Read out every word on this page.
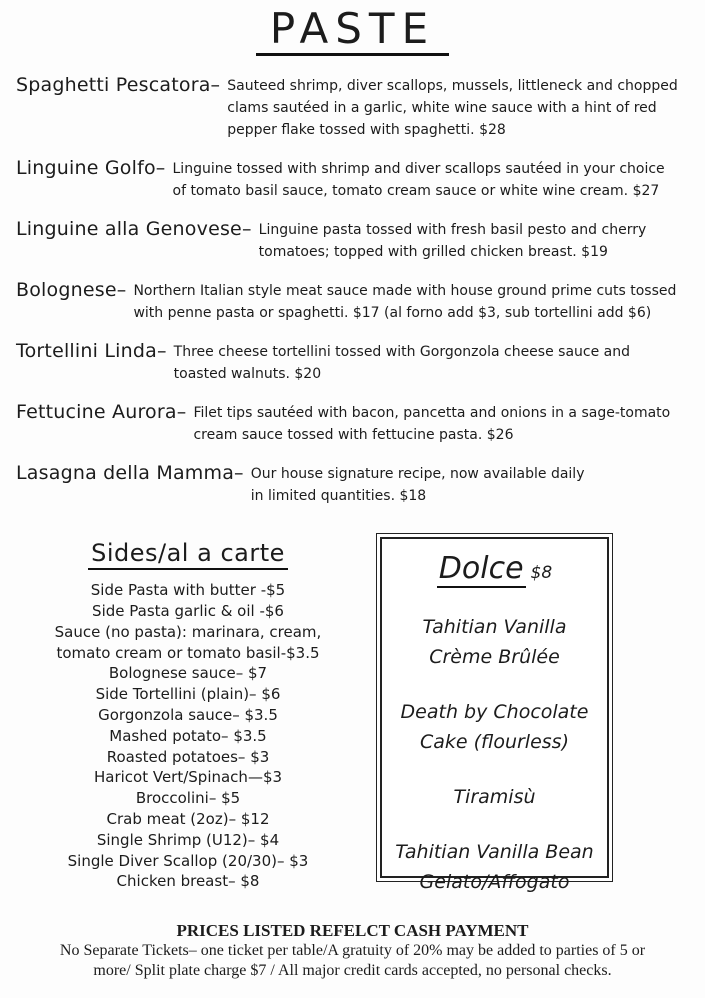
PASTE
Spaghetti Pescatora– Sauteed shrimp, diver scallops, mussels, littleneck and chopped
clams sautéed in a garlic, white wine sauce with a hint of red
pepper flake tossed with spaghetti. $28
Linguine Golfo– Linguine tossed with shrimp and diver scallops sautéed in your choice
of tomato basil sauce, tomato cream sauce or white wine cream. $27
Linguine alla Genovese– Linguine pasta tossed with fresh basil pesto and cherry
tomatoes; topped with grilled chicken breast. $19
Bolognese– Northern Italian style meat sauce made with house ground prime cuts tossed
with penne pasta or spaghetti. $17 (al forno add $3, sub tortellini add $6)
Tortellini Linda– Three cheese tortellini tossed with Gorgonzola cheese sauce and
toasted walnuts. $20
Fettucine Aurora– Filet tips sautéed with bacon, pancetta and onions in a sage-tomato
cream sauce tossed with fettucine pasta. $26
Lasagna della Mamma– Our house signature recipe, now available daily
in limited quantities. $18
Sides/al a carte
Side Pasta with butter -$5
Side Pasta garlic & oil -$6
Sauce (no pasta): marinara, cream,
tomato cream or tomato basil-$3.5
Bolognese sauce– $7
Side Tortellini (plain)– $6
Gorgonzola sauce– $3.5
Mashed potato– $3.5
Roasted potatoes– $3
Haricot Vert/Spinach—$3
Broccolini– $5
Crab meat (2oz)– $12
Single Shrimp (U12)– $4
Single Diver Scallop (20/30)– $3
Chicken breast– $8
Dolce $8
Tahitian Vanilla
Crème Brûlée
Death by Chocolate
Cake (flourless)
Tiramisù
Tahitian Vanilla Bean
Gelato/Affogato
PRICES LISTED REFELCT CASH PAYMENT
No Separate Tickets– one ticket per table/A gratuity of 20% may be added to parties of 5 or
more/ Split plate charge $7 / All major credit cards accepted, no personal checks.
